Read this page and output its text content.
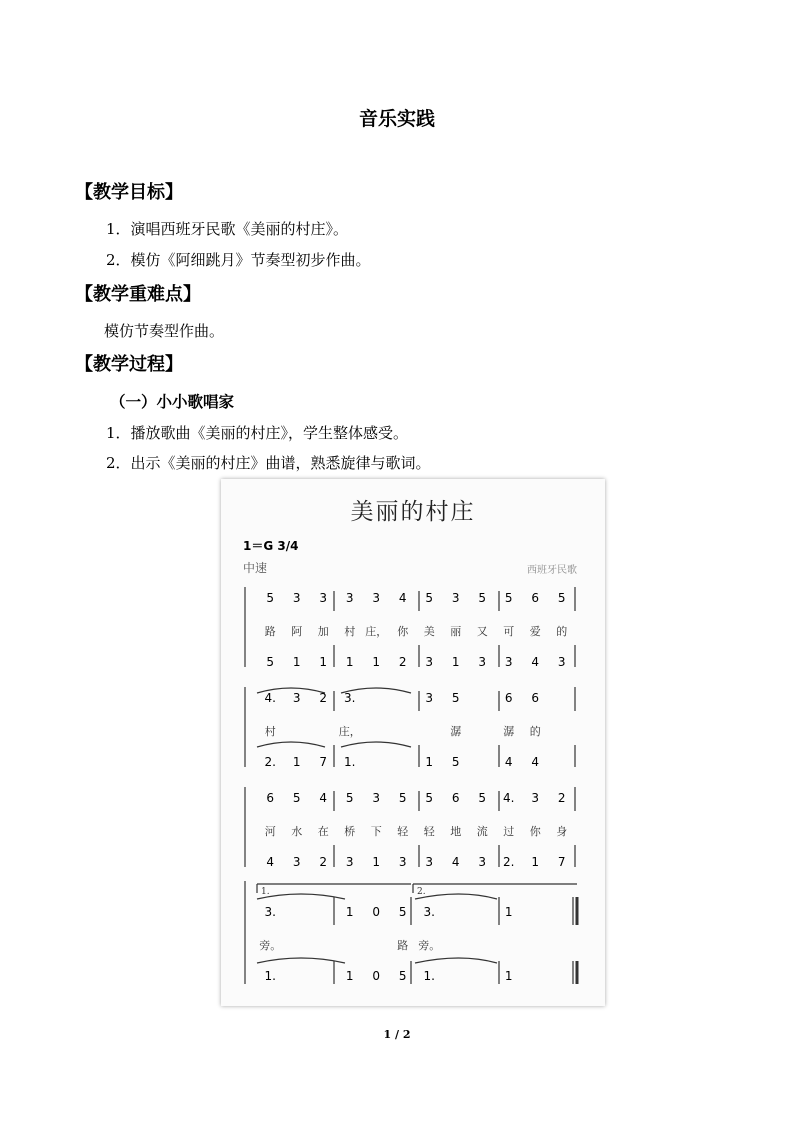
音乐实践
【教学目标】
1．演唱西班牙民歌《美丽的村庄》。
2．模仿《阿细跳月》节奏型初步作曲。
【教学重难点】
模仿节奏型作曲。
【教学过程】
（一）小小歌唱家
1．播放歌曲《美丽的村庄》，学生整体感受。
2．出示《美丽的村庄》曲谱，熟悉旋律与歌词。
美丽的村庄
1＝G 3/4
中速	西班牙民歌
1.	2.
5	3	3	3	3	4	5	3	5	5	6	5
路	阿	加	村 庄， 你	美	丽	又	可	爱	的
5	1	1	1	1	2	3	1	3	3	4	3
4.	3	2	3.	3	5	6	6
村	庄，	潺	潺	的
2.	1	7	1.	1	5	4	4
6	5	4	5	3	5	5	6	5	4.	3	2
河	水	在	桥	下	轻	轻	地	流	过	你	身
4	3	2	3	1	3	3	4	3	2.	1	7
3.	1	0	5	3.	1
旁。	路 旁。
1.	1	0	5	1.	1
1 / 2
